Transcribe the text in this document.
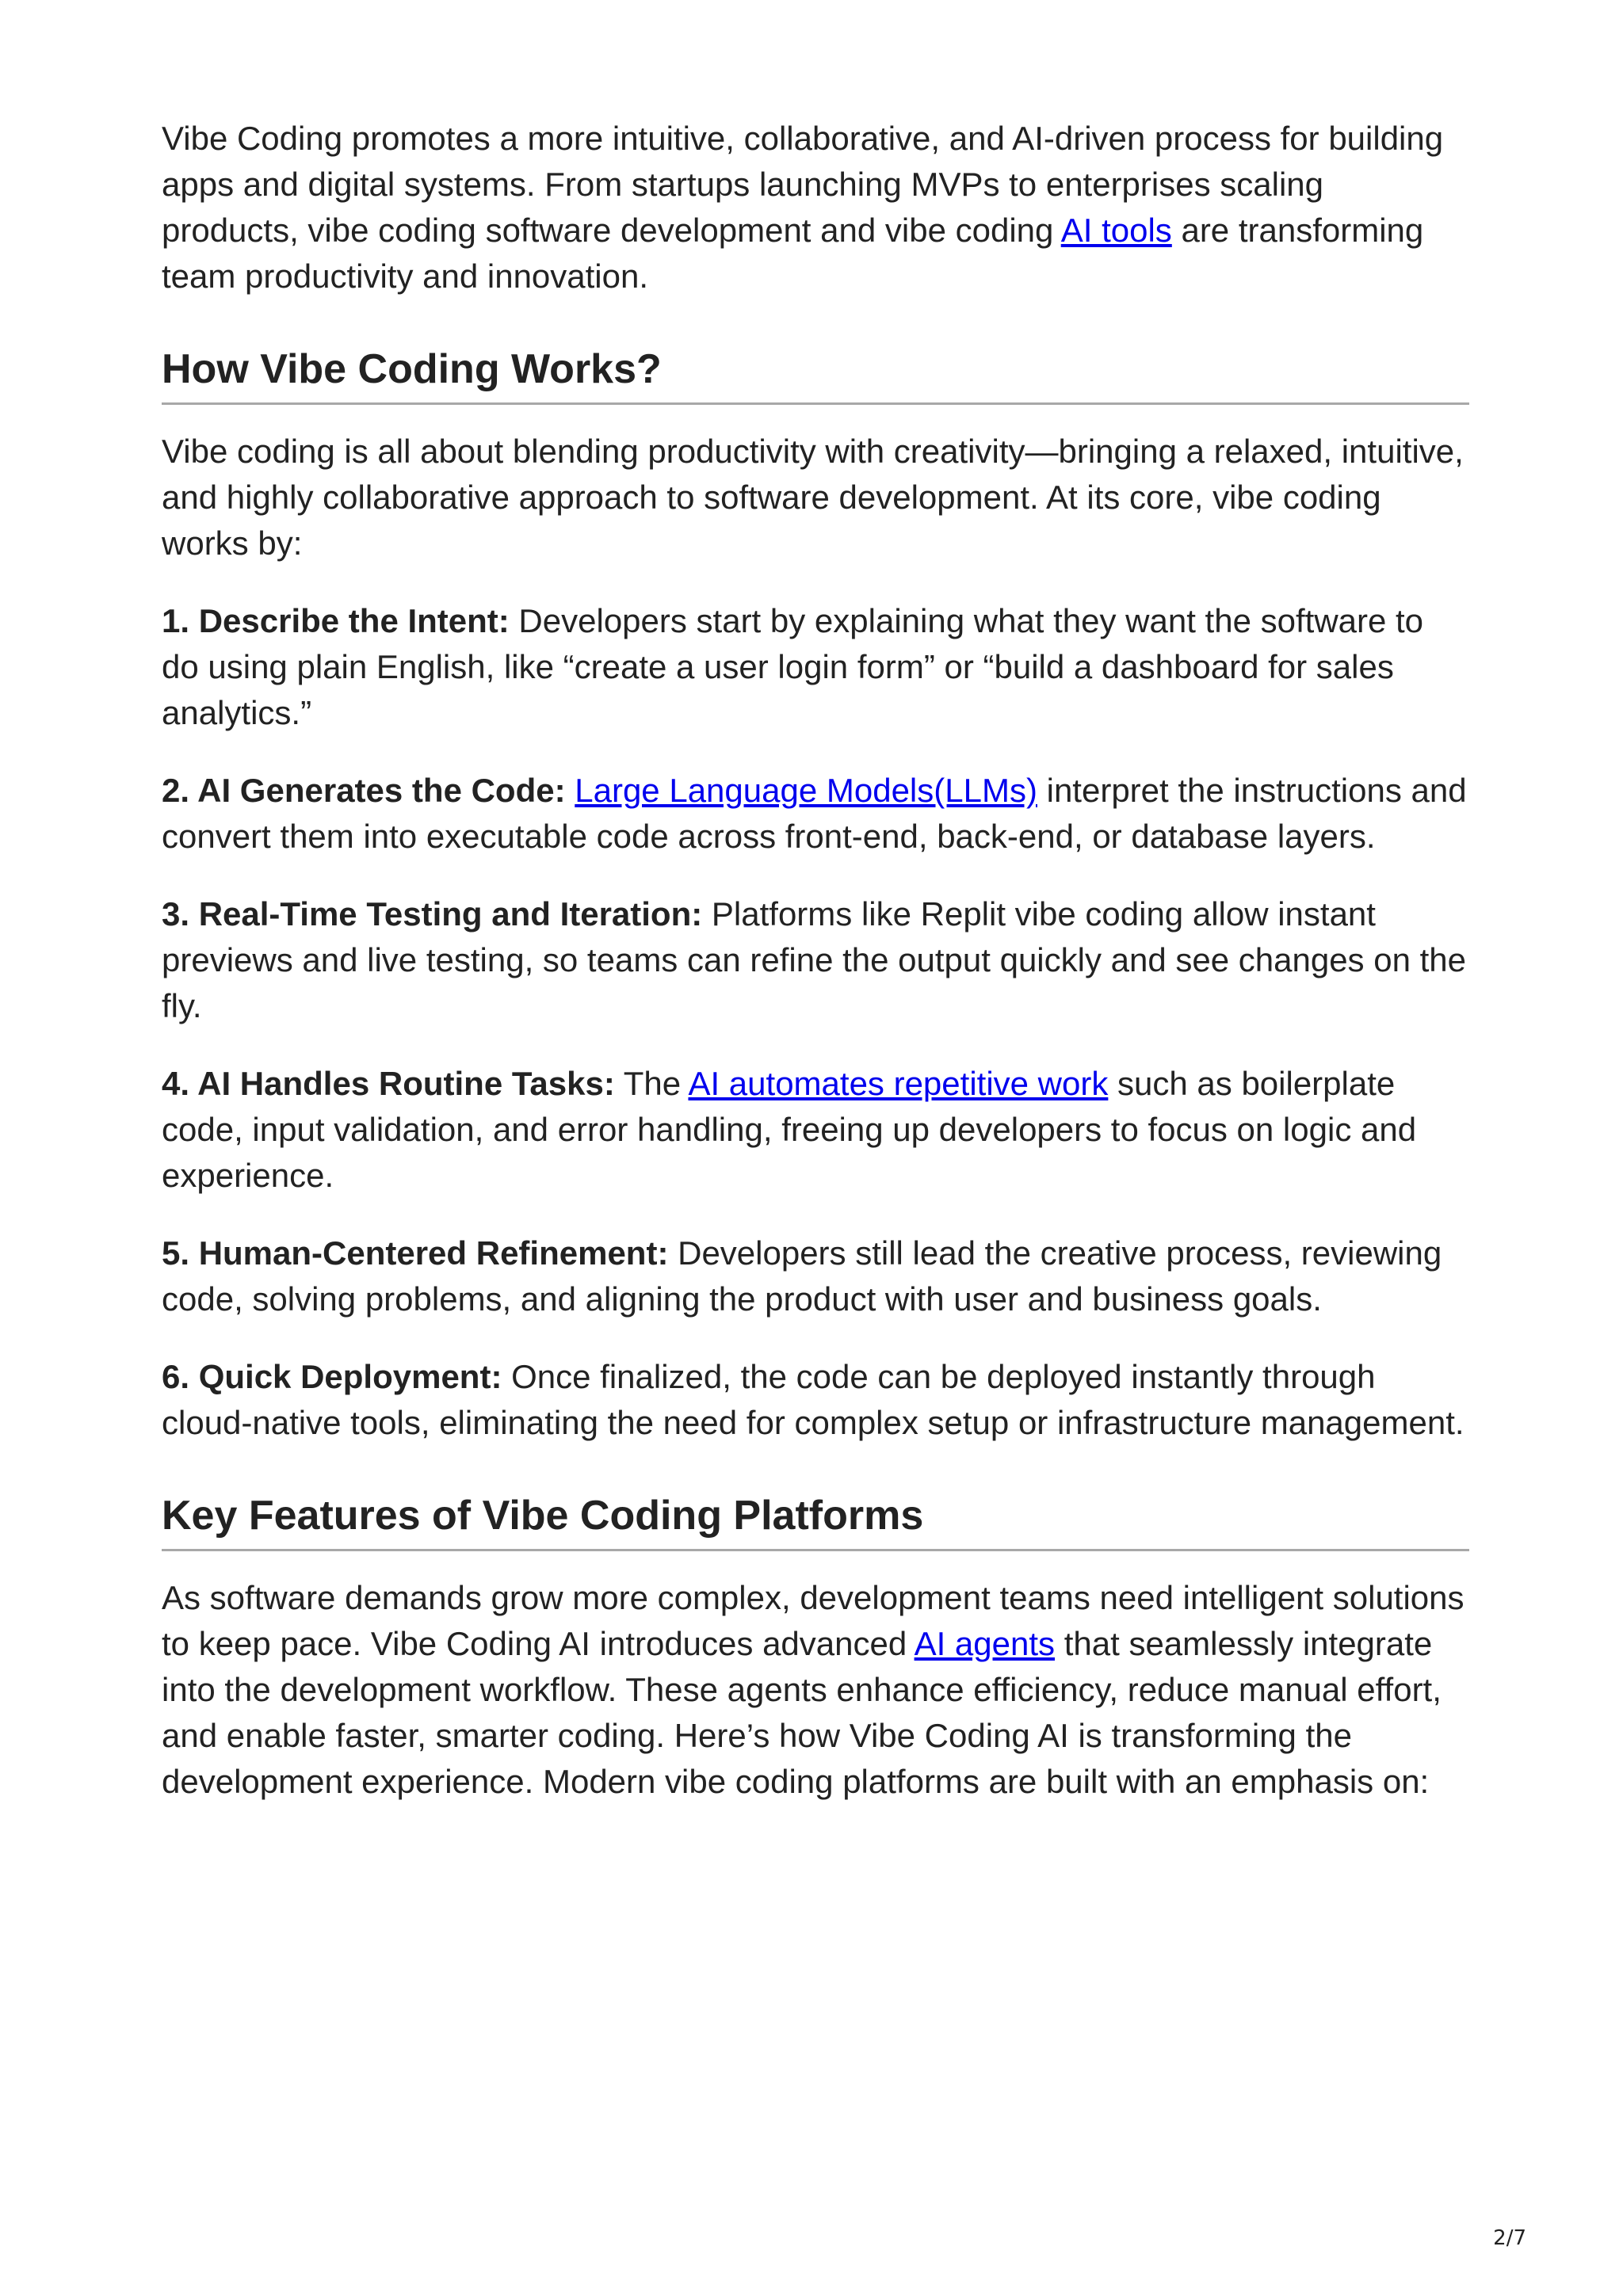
Vibe Coding promotes a more intuitive, collaborative, and AI-driven process for building apps and digital systems. From startups launching MVPs to enterprises scaling products, vibe coding software development and vibe coding AI tools are transforming team productivity and innovation.

How Vibe Coding Works?

Vibe coding is all about blending productivity with creativity—bringing a relaxed, intuitive, and highly collaborative approach to software development. At its core, vibe coding works by:

1. Describe the Intent: Developers start by explaining what they want the software to do using plain English, like “create a user login form” or “build a dashboard for sales analytics.”

2. AI Generates the Code: Large Language Models(LLMs) interpret the instructions and convert them into executable code across front-end, back-end, or database layers.

3. Real-Time Testing and Iteration: Platforms like Replit vibe coding allow instant previews and live testing, so teams can refine the output quickly and see changes on the fly.

4. AI Handles Routine Tasks: The AI automates repetitive work such as boilerplate code, input validation, and error handling, freeing up developers to focus on logic and experience.

5. Human-Centered Refinement: Developers still lead the creative process, reviewing code, solving problems, and aligning the product with user and business goals.

6. Quick Deployment: Once finalized, the code can be deployed instantly through cloud-native tools, eliminating the need for complex setup or infrastructure management.

Key Features of Vibe Coding Platforms

As software demands grow more complex, development teams need intelligent solutions to keep pace. Vibe Coding AI introduces advanced AI agents that seamlessly integrate into the development workflow. These agents enhance efficiency, reduce manual effort, and enable faster, smarter coding. Here’s how Vibe Coding AI is transforming the development experience. Modern vibe coding platforms are built with an emphasis on:

2/7
